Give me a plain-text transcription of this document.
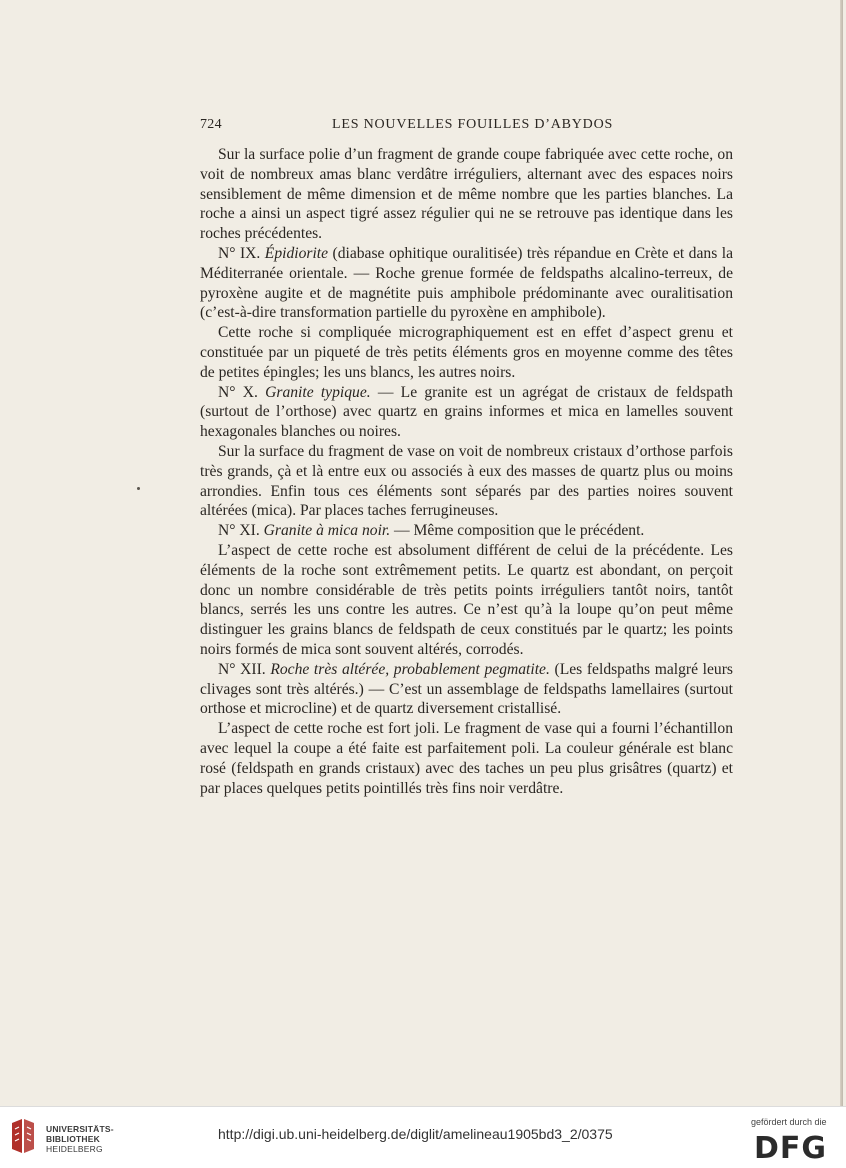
724	LES NOUVELLES FOUILLES D’ABYDOS

Sur la surface polie d’un fragment de grande coupe fabriquée avec cette roche, on voit de nombreux amas blanc verdâtre irréguliers, alternant avec des espaces noirs sensiblement de même dimension et de même nombre que les parties blanches. La roche a ainsi un aspect tigré assez régulier qui ne se retrouve pas identique dans les roches précédentes.

N° IX. Épidiorite (diabase ophitique ouralitisée) très répandue en Crète et dans la Méditerranée orientale. — Roche grenue formée de feldspaths alcalino-terreux, de pyroxène augite et de magnétite puis amphibole prédominante avec ouralitisation (c’est-à-dire transformation partielle du pyroxène en amphibole).

Cette roche si compliquée micrographiquement est en effet d’aspect grenu et constituée par un piqueté de très petits éléments gros en moyenne comme des têtes de petites épingles; les uns blancs, les autres noirs.

N° X. Granite typique. — Le granite est un agrégat de cristaux de feldspath (surtout de l’orthose) avec quartz en grains informes et mica en lamelles souvent hexagonales blanches ou noires.

Sur la surface du fragment de vase on voit de nombreux cristaux d’orthose parfois très grands, çà et là entre eux ou associés à eux des masses de quartz plus ou moins arrondies. Enfin tous ces éléments sont séparés par des parties noires souvent altérées (mica). Par places taches ferrugineuses.

N° XI. Granite à mica noir. — Même composition que le précédent.

L’aspect de cette roche est absolument différent de celui de la précédente. Les éléments de la roche sont extrêmement petits. Le quartz est abondant, on perçoit donc un nombre considérable de très petits points irréguliers tantôt noirs, tantôt blancs, serrés les uns contre les autres. Ce n’est qu’à la loupe qu’on peut même distinguer les grains blancs de feldspath de ceux constitués par le quartz; les points noirs formés de mica sont souvent altérés, corrodés.

N° XII. Roche très altérée, probablement pegmatite. (Les feldspaths malgré leurs clivages sont très altérés.) — C’est un assemblage de feldspaths lamellaires (surtout orthose et microcline) et de quartz diversement cristallisé.

L’aspect de cette roche est fort joli. Le fragment de vase qui a fourni l’échantillon avec lequel la coupe a été faite est parfaitement poli. La couleur générale est blanc rosé (feldspath en grands cristaux) avec des taches un peu plus grisâtres (quartz) et par places quelques petits pointillés très fins noir verdâtre.

UNIVERSITÄTS-
BIBLIOTHEK
HEIDELBERG
http://digi.ub.uni-heidelberg.de/diglit/amelineau1905bd3_2/0375
gefördert durch die
DFG
